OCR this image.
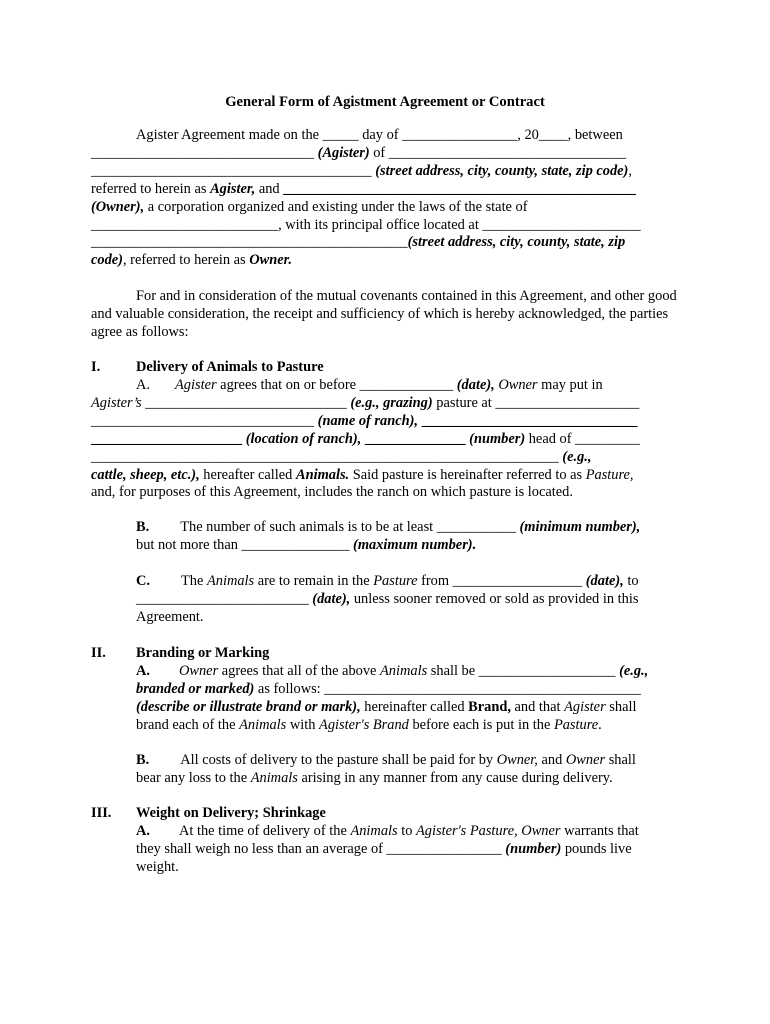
General Form of Agistment Agreement or Contract
Agister Agreement made on the _____ day of ________________, 20____, between
_______________________________ (Agister) of _________________________________
_______________________________________ (street address, city, county, state, zip code),
referred to herein as Agister, and _________________________________________________
(Owner), a corporation organized and existing under the laws of the state of
__________________________, with its principal office located at ______________________
____________________________________________(street address, city, county, state, zip
code), referred to herein as Owner.

For and in consideration of the mutual covenants contained in this Agreement, and other good and valuable consideration, the receipt and sufficiency of which is hereby acknowledged, the parties agree as follows:

I. Delivery of Animals to Pasture
A. Agister agrees that on or before _____________ (date), Owner may put in
Agister’s ____________________________ (e.g., grazing) pasture at ____________________
_______________________________ (name of ranch), ______________________________
_____________________ (location of ranch), ______________ (number) head of _________
_________________________________________________________________ (e.g.,
cattle, sheep, etc.), hereafter called Animals. Said pasture is hereinafter referred to as Pasture,
and, for purposes of this Agreement, includes the ranch on which pasture is located.
B. The number of such animals is to be at least ___________ (minimum number),
but not more than _______________ (maximum number).
C. The Animals are to remain in the Pasture from __________________ (date), to
________________________ (date), unless sooner removed or sold as provided in this
Agreement.
II. Branding or Marking
A. Owner agrees that all of the above Animals shall be ___________________ (e.g.,
branded or marked) as follows: ____________________________________________
(describe or illustrate brand or mark), hereinafter called Brand, and that Agister shall
brand each of the Animals with Agister's Brand before each is put in the Pasture.
B. All costs of delivery to the pasture shall be paid for by Owner, and Owner shall
bear any loss to the Animals arising in any manner from any cause during delivery.
III. Weight on Delivery; Shrinkage
A. At the time of delivery of the Animals to Agister's Pasture, Owner warrants that
they shall weigh no less than an average of ________________ (number) pounds live
weight.
